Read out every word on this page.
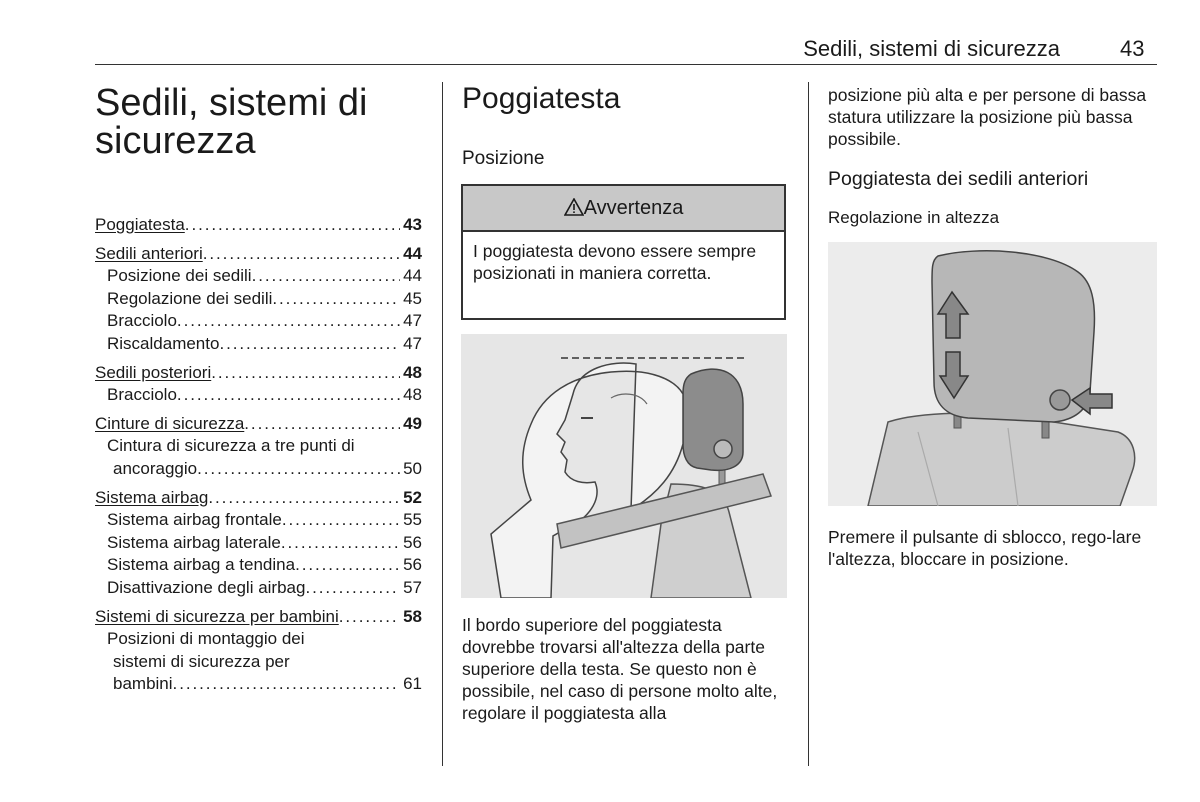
Sedili, sistemi di sicurezza	43
Sedili, sistemi di sicurezza
Poggiatesta . . .	43
Sedili anteriori . . .	44
Posizione dei sedili . . .	44
Regolazione dei sedili . . .	45
Bracciolo . . .	47
Riscaldamento . . .	47
Sedili posteriori . . .	48
Bracciolo . . .	48
Cinture di sicurezza . . .	49
Cintura di sicurezza a tre punti di
ancoraggio . . .	50
Sistema airbag . . .	52
Sistema airbag frontale . . .	55
Sistema airbag laterale . . .	56
Sistema airbag a tendina . . .	56
Disattivazione degli airbag . . .	57
Sistemi di sicurezza per bambini . . .	58
Posizioni di montaggio dei
sistemi di sicurezza per
bambini . . .	61
Poggiatesta
Posizione
Avvertenza
I poggiatesta devono essere sempre posizionati in maniera corretta.
Il bordo superiore del poggiatesta dovrebbe trovarsi all'altezza della parte superiore della testa. Se questo non è possibile, nel caso di persone molto alte, regolare il poggiatesta alla
posizione più alta e per persone di bassa statura utilizzare la posizione più bassa possibile.
Poggiatesta dei sedili anteriori
Regolazione in altezza
Premere il pulsante di sblocco, rego-lare l'altezza, bloccare in posizione.
